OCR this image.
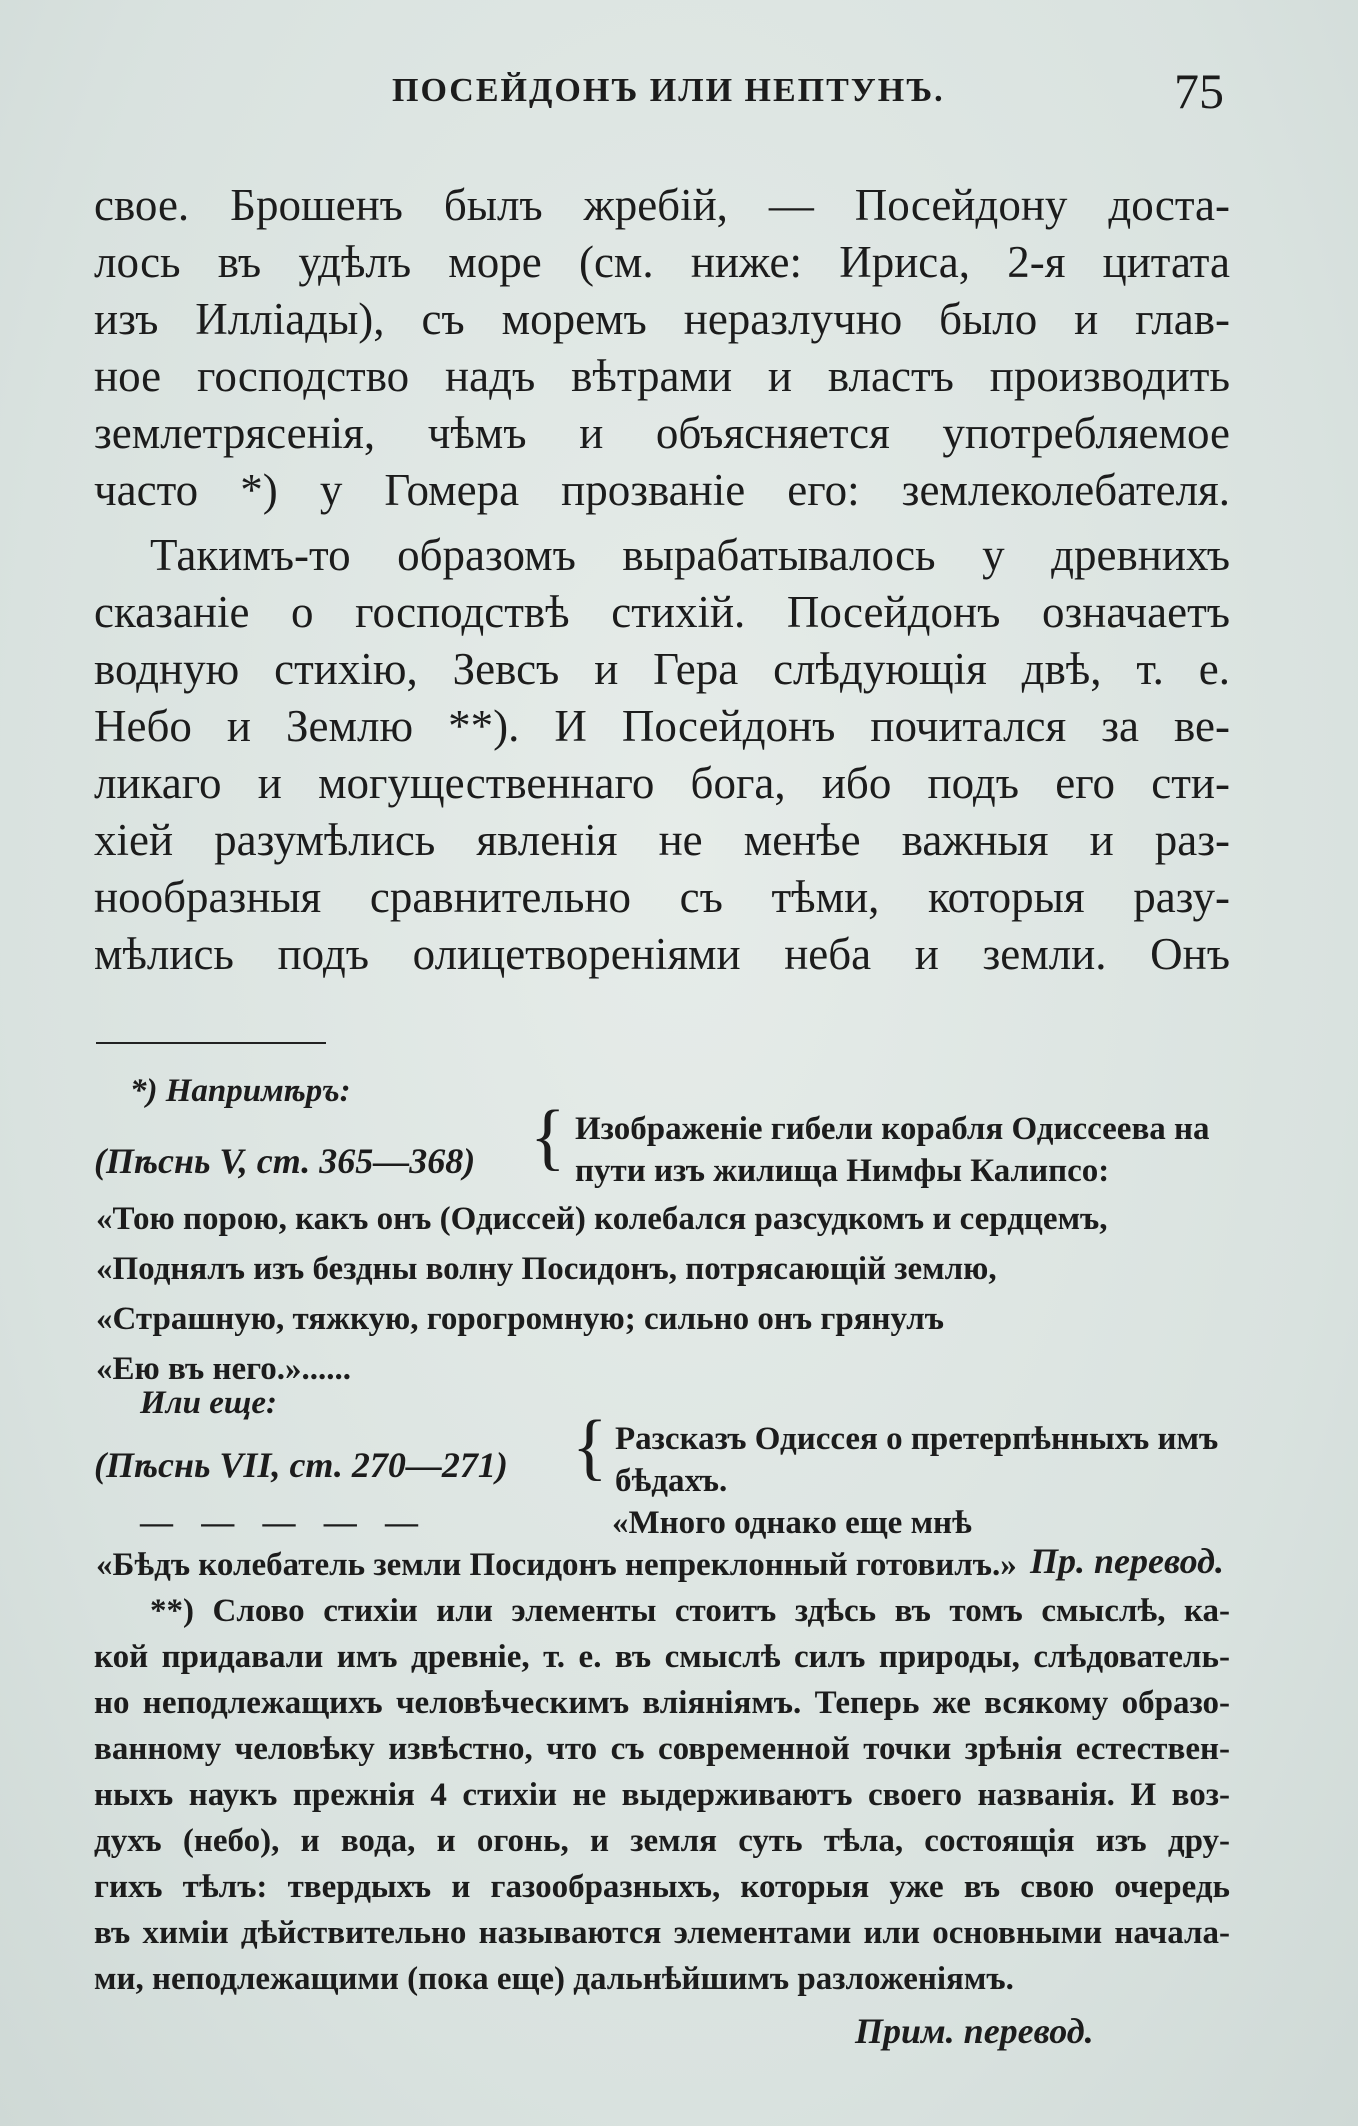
ПОСЕЙДОНЪ ИЛИ НЕПТУНЪ.	75
свое. Брошенъ былъ жребій, — Посейдону доста-
лось въ удѣлъ море (см. ниже: Ириса, 2-я цитата
изъ Илліады), съ моремъ неразлучно было и глав-
ное господство надъ вѣтрами и властъ производить
землетрясенія, чѣмъ и объясняется употребляемое
часто *) у Гомера прозваніе его: землеколебателя.
Такимъ-то образомъ вырабатывалось у древнихъ
сказаніе о господствѣ стихій. Посейдонъ означаетъ
водную стихію, Зевсъ и Гера слѣдующія двѣ, т. е.
Небо и Землю **). И Посейдонъ почитался за ве-
ликаго и могущественнаго бога, ибо подъ его сти-
хіей разумѣлись явленія не менѣе важныя и раз-
нообразныя сравнительно съ тѣми, которыя разу-
мѣлись подъ олицетвореніями неба и земли. Онъ
*) Напримѣръ:
(Пѣснь V, ст. 365—368) { Изображеніе гибели корабля Одиссеева на
пути изъ жилища Нимфы Калипсо:
«Тою порою, какъ онъ (Одиссей) колебался разсудкомъ и сердцемъ,
«Поднялъ изъ бездны волну Посидонъ, потрясающій землю,
«Страшную, тяжкую, горогромную; сильно онъ грянулъ
«Ею въ него.»......
Или еще:
(Пѣснь VII, ст. 270—271) { Разсказъ Одиссея о претерпѣнныхъ имъ
бѣдахъ.
— — — — —	«Много однако еще мнѣ
«Бѣдъ колебатель земли Посидонъ непреклонный готовилъ.» Пр. перевод.
**) Слово стихіи или элементы стоитъ здѣсь въ томъ смыслѣ, ка-
кой придавали имъ древніе, т. е. въ смыслѣ силъ природы, слѣдователь-
но неподлежащихъ человѣческимъ вліяніямъ. Теперь же всякому образо-
ванному человѣку извѣстно, что съ современной точки зрѣнія естествен-
ныхъ наукъ прежнія 4 стихіи не выдерживаютъ своего названія. И воз-
духъ (небо), и вода, и огонь, и земля суть тѣла, состоящія изъ дру-
гихъ тѣлъ: твердыхъ и газообразныхъ, которыя уже въ свою очередь
въ химіи дѣйствительно называются элементами или основными начала-
ми, неподлежащими (пока еще) дальнѣйшимъ разложеніямъ.
Прим. перевод.
